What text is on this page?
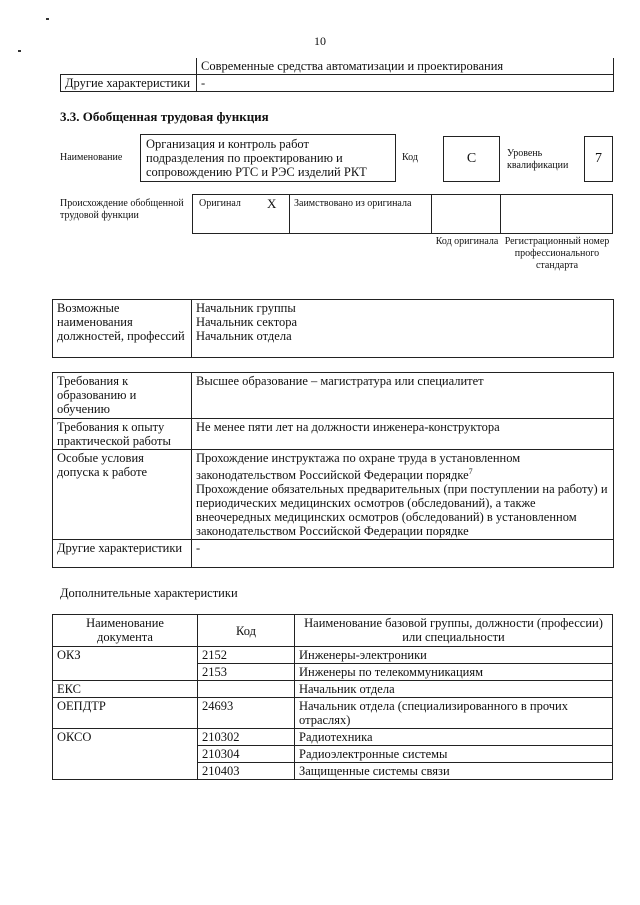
10
	Современные средства автоматизации и проектирования
Другие характеристики	-
3.3. Обобщенная трудовая функция
Наименование
Организация и контроль работ подразделения по проектированию и сопровождению РТС и РЭС изделий РКТ
Код	C	Уровень квалификации	7
Происхождение обобщенной трудовой функции
Оригинал X Заимствовано из оригинала
Код оригинала Регистрационный номер профессионального стандарта
Возможные наименования должностей, профессий	
Начальник группы
Начальник сектора
Начальник отдела
Требования к образованию и обучению	Высшее образование – магистратура или специалитет
Требования к опыту практической работы	Не менее пяти лет на должности инженера-конструктора
Особые условия допуска к работе	Прохождение инструктажа по охране труда в установленном законодательством Российской Федерации порядке$^7$
Прохождение обязательных предварительных (при поступлении на работу) и периодических медицинских осмотров (обследований), а также внеочередных медицинских осмотров (обследований) в установленном законодательством Российской Федерации порядке

Другие характеристики	-
Дополнительные характеристики
Наименование документа	Код	Наименование базовой группы, должности (профессии) или специальности
ОКЗ	2152	Инженеры-электроники
	2153	Инженеры по телекоммуникациям
ЕКС		Начальник отдела
ОЕПДТР	24693	Начальник отдела (специализированного в прочих отраслях)
ОКСО	210302	Радиотехника
	210304	Радиоэлектронные системы
	210403	Защищенные системы связи
